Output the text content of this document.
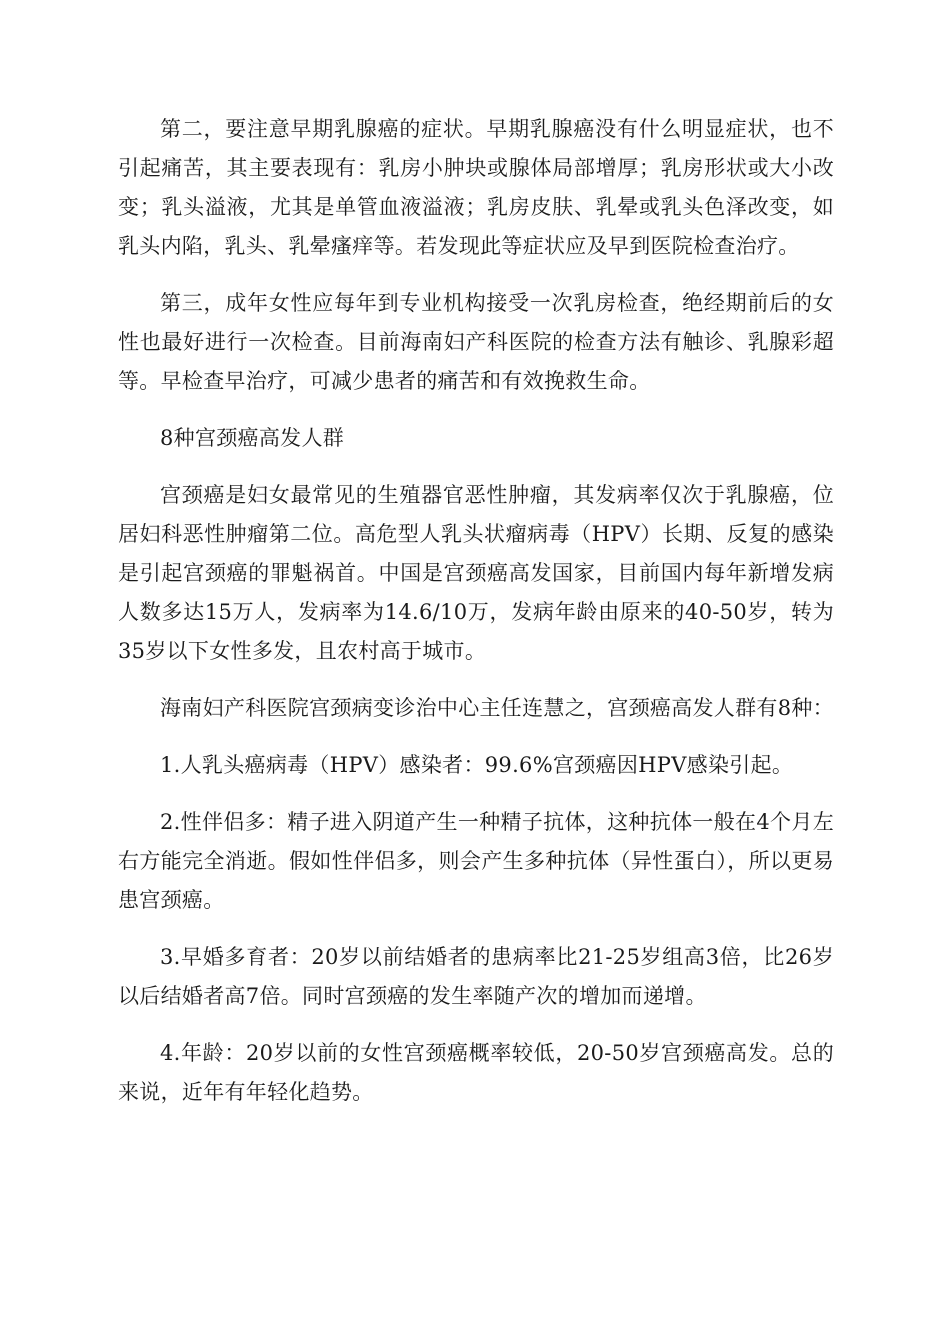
第二，要注意早期乳腺癌的症状。早期乳腺癌没有什么明显症状，也不引起痛苦，其主要表现有：乳房小肿块或腺体局部增厚；乳房形状或大小改变；乳头溢液，尤其是单管血液溢液；乳房皮肤、乳晕或乳头色泽改变，如乳头内陷，乳头、乳晕瘙痒等。若发现此等症状应及早到医院检查治疗。

第三，成年女性应每年到专业机构接受一次乳房检查，绝经期前后的女性也最好进行一次检查。目前海南妇产科医院的检查方法有触诊、乳腺彩超等。早检查早治疗，可减少患者的痛苦和有效挽救生命。

8种宫颈癌高发人群

宫颈癌是妇女最常见的生殖器官恶性肿瘤，其发病率仅次于乳腺癌，位居妇科恶性肿瘤第二位。高危型人乳头状瘤病毒（HPV）长期、反复的感染是引起宫颈癌的罪魁祸首。中国是宫颈癌高发国家，目前国内每年新增发病人数多达15万人，发病率为14.6/10万，发病年龄由原来的40-50岁，转为35岁以下女性多发，且农村高于城市。

海南妇产科医院宫颈病变诊治中心主任连慧之，宫颈癌高发人群有8种：

1.人乳头癌病毒（HPV）感染者：99.6%宫颈癌因HPV感染引起。

2.性伴侣多：精子进入阴道产生一种精子抗体，这种抗体一般在4个月左右方能完全消逝。假如性伴侣多，则会产生多种抗体（异性蛋白），所以更易患宫颈癌。

3.早婚多育者：20岁以前结婚者的患病率比21-25岁组高3倍，比26岁以后结婚者高7倍。同时宫颈癌的发生率随产次的增加而递增。

4.年龄：20岁以前的女性宫颈癌概率较低，20-50岁宫颈癌高发。总的来说，近年有年轻化趋势。
